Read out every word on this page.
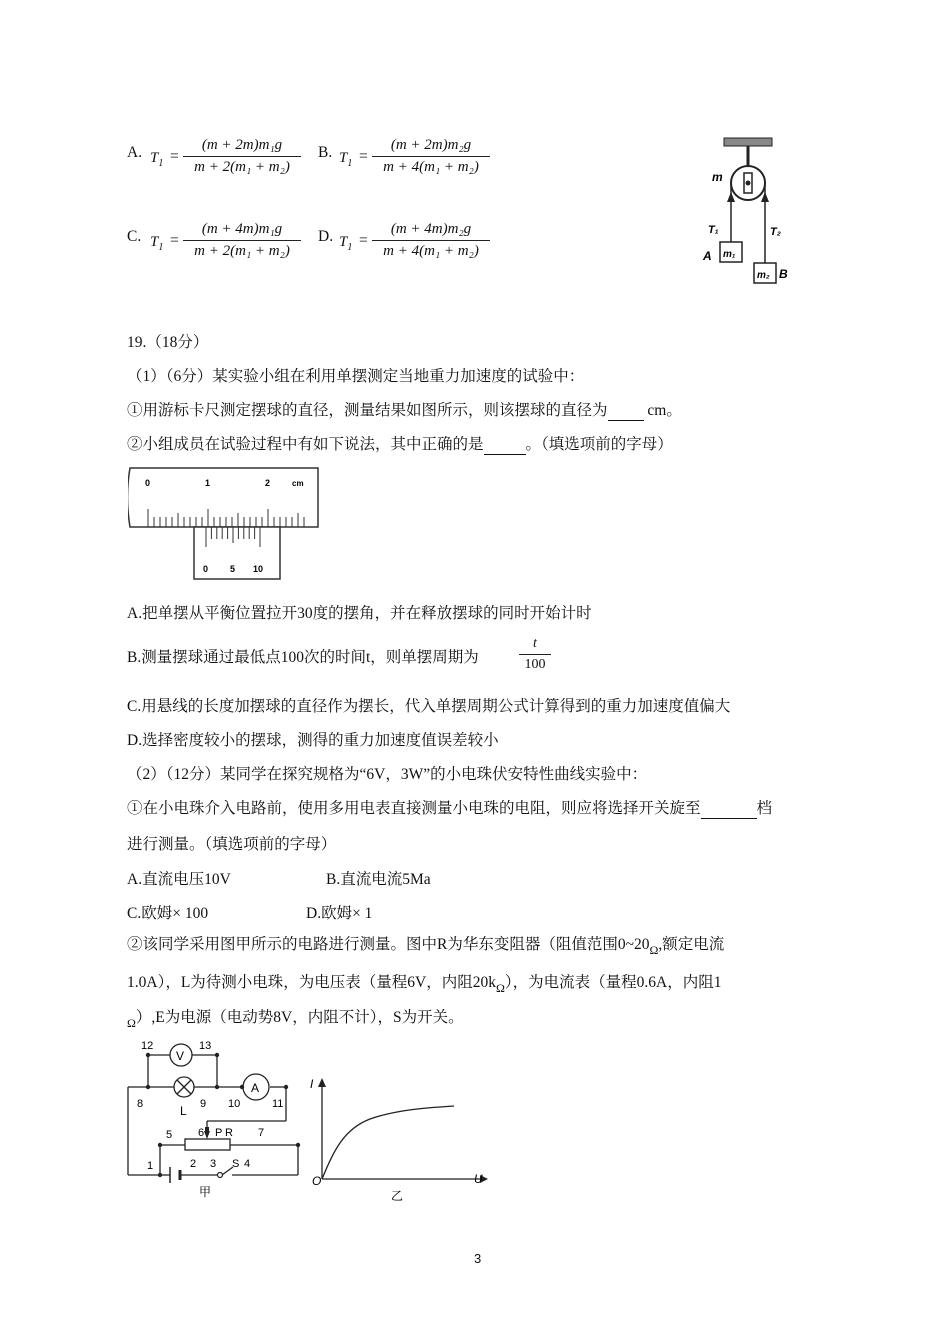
A. $T_1$ =
(m + 2m)m₁g
m + 2(m₁ + m₂)
B. $T_1$ =
(m + 2m)m₂g
m + 4(m₁ + m₂)
C. $T_1$ =
(m + 4m)m₁g
m + 2(m₁ + m₂)
D. $T_1$ =
(m + 4m)m₂g
m + 4(m₁ + m₂)
m
T₁	T₂
m₁
A
m₂ B
19.（18分）
（1）（6分）某实验小组在利用单摆测定当地重力加速度的试验中：
①用游标卡尺测定摆球的直径，测量结果如图所示，则该摆球的直径为  cm。
②小组成员在试验过程中有如下说法，其中正确的是	。（填选项前的字母）
0	1	2	cm
0 5 10
A.把单摆从平衡位置拉开30度的摆角，并在释放摆球的同时开始计时
B.测量摆球通过最低点100次的时间t，则单摆周期为
t
100
C.用悬线的长度加摆球的直径作为摆长，代入单摆周期公式计算得到的重力加速度值偏大
D.选择密度较小的摆球，测得的重力加速度值误差较小
（2）（12分）某同学在探究规格为“6V，3W”的小电珠伏安特性曲线实验中：
①在小电珠介入电路前，使用多用电表直接测量小电珠的电阻，则应将选择开关旋至	档
进行测量。（填选项前的字母）
A.直流电压10V	B.直流电流5Ma
C.欧姆× 100	D.欧姆× 1
②该同学采用图甲所示的电路进行测量。图中R为华东变阻器（阻值范围$0\sim 20_\Omega$,额定电流
1.0A），L为待测小电珠，为电压表（量程6V，内阻$20k_\Omega$），为电流表（量程0.6A，内阻1
$_\Omega$）,E为电源（电动势8V，内阻不计），S为开关。
V
L
A
P R
S
12	13
8	9 10	11
5 6	7
1	2 3	4
甲
I
U
O
乙
3
